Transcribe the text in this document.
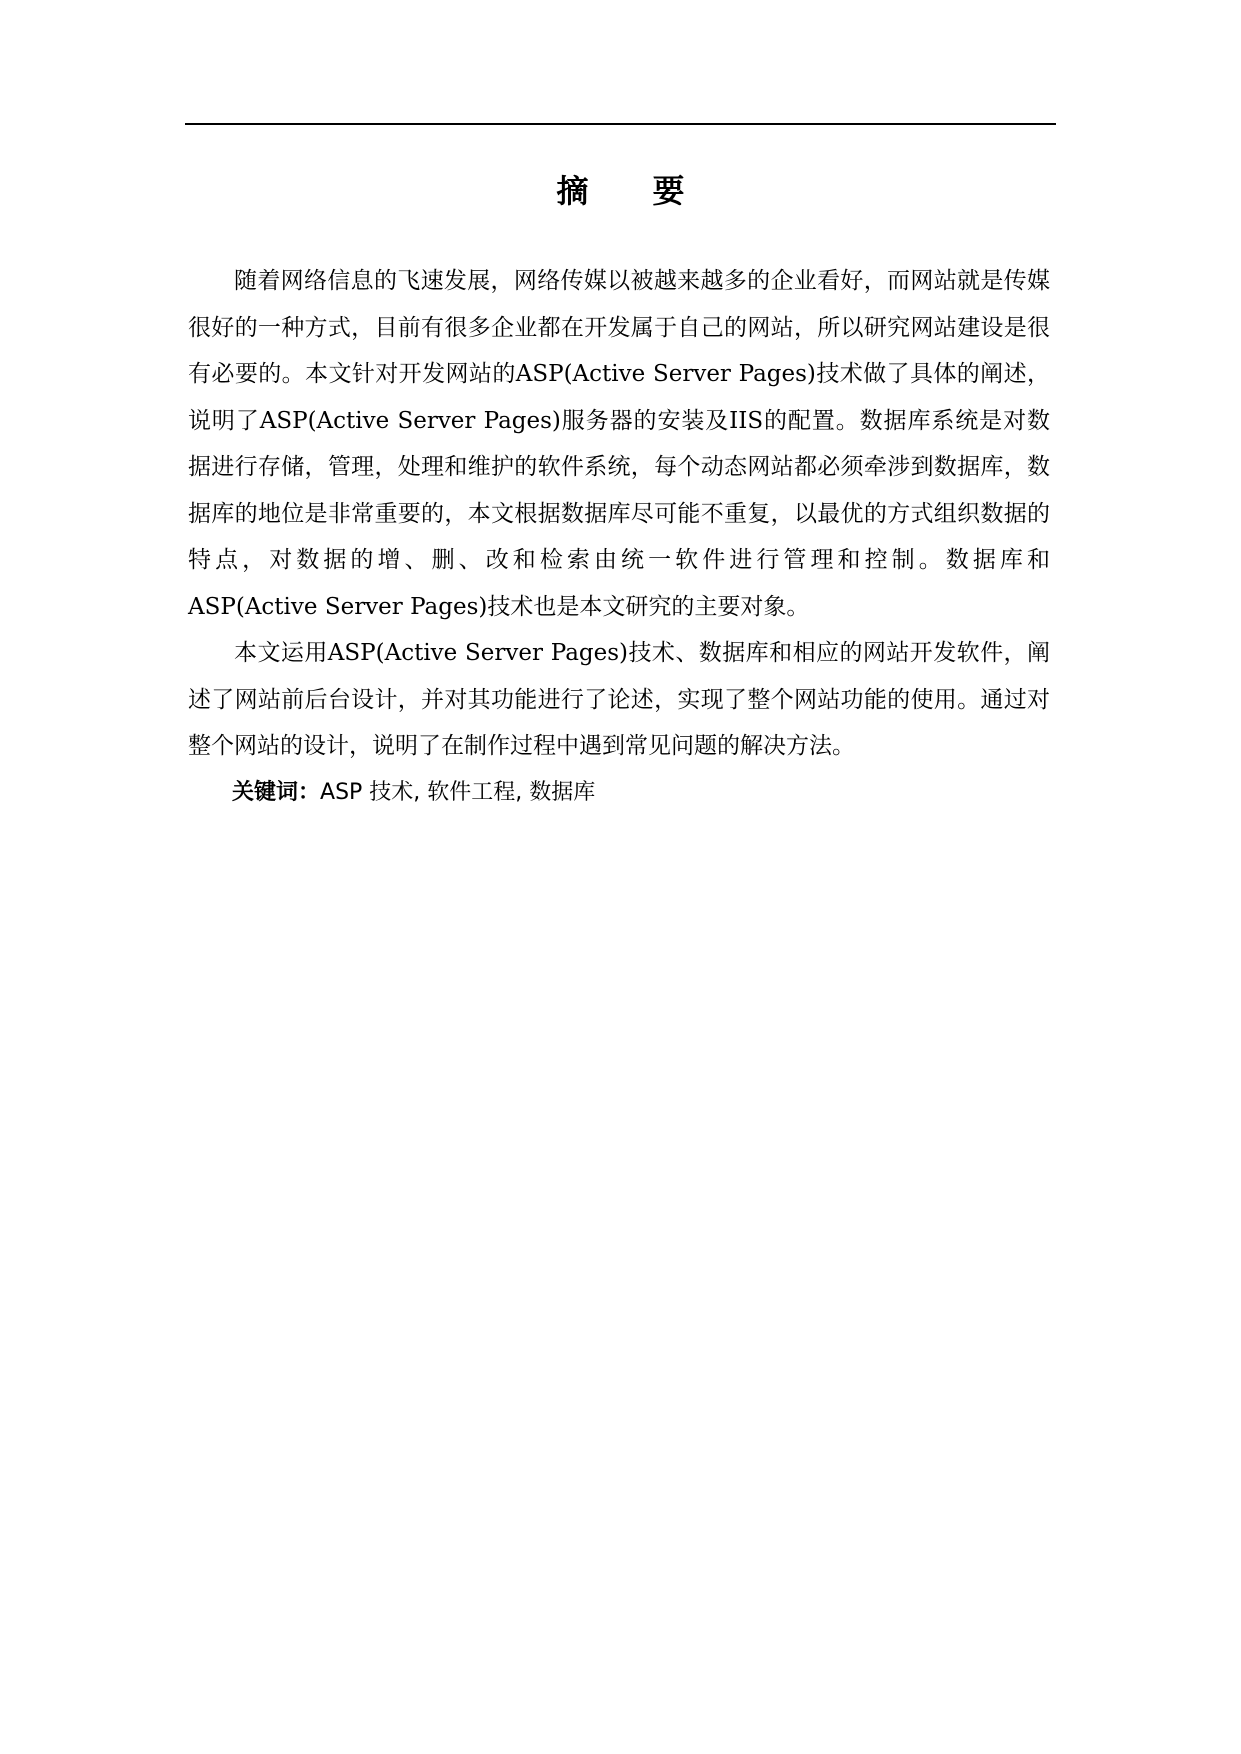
摘　　要

随着网络信息的飞速发展，网络传媒以被越来越多的企业看好，而网站就是传媒很好的一种方式，目前有很多企业都在开发属于自己的网站，所以研究网站建设是很有必要的。本文针对开发网站的ASP(Active Server Pages)技术做了具体的阐述，说明了ASP(Active Server Pages)服务器的安装及IIS的配置。数据库系统是对数据进行存储，管理，处理和维护的软件系统，每个动态网站都必须牵涉到数据库，数据库的地位是非常重要的，本文根据数据库尽可能不重复，以最优的方式组织数据的特点，对数据的增、删、改和检索由统一软件进行管理和控制。数据库和ASP(Active Server Pages)技术也是本文研究的主要对象。

本文运用ASP(Active Server Pages)技术、数据库和相应的网站开发软件，阐述了网站前后台设计，并对其功能进行了论述，实现了整个网站功能的使用。通过对整个网站的设计，说明了在制作过程中遇到常见问题的解决方法。

关键词：ASP 技术, 软件工程, 数据库
